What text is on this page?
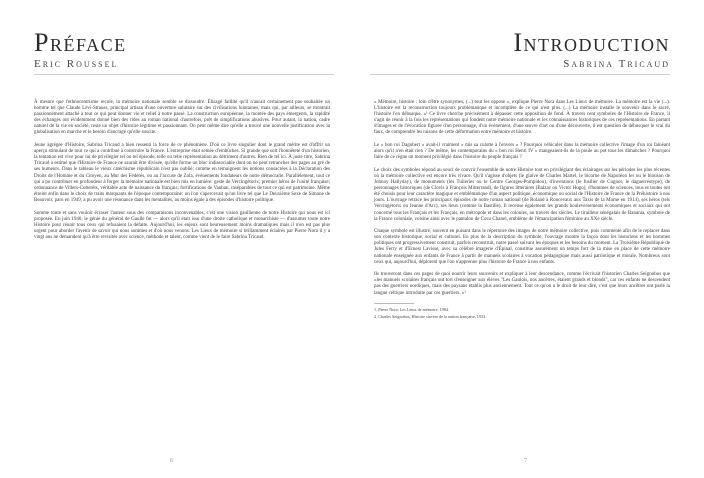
Préface
Eric Roussel

À mesure que l'ethnocentrisme recule, la mémoire nationale semble se dissoudre. Élisagé faillite qu'il n'aurait certainement pas souhaitée un homme tel que Claude Lévi-Strauss, principal artisan d'une ouverture salutaire sur des civilisations lointaines, mais qui, par ailleurs, se montrait passionnément attaché à tout ce qui peut donner vie et relief à notre passé. La construction européenne, la montée des pays émergents, la rapidité des échanges ont évidemment donné bien des rides au roman national d'autrefois, prêt de simplifications abusives. Pour autant, la nation, cadre naturel de la vie en société, reste un objet d'histoire légitime et passionnant. On peut même dire qu'elle a trouvé une nouvelle justification avec la globalisation en marche et le besoin d'ancrage qu'elle suscite.

Jeune agrégée d'Histoire, Sabrina Tricaud a bien ressenti la force de ce phénomène. D'où ce livre singulier dont le grand mérite est d'offrir un aperçu stimulant de tout ce qui a contribué à construire la France. L'entreprise était semée d'embûches. Si grande que soit l'honnêteté d'un historien, la tentation est vive pour lui de privilégier tel ou tel épisode, telle ou telle représentation au détriment d'autres. Rien de tel ici. À juste titre, Sabrina Tricaud a estimé que l'Histoire de France ne saurait être divisée, qu'elle forme un bloc indissociable dont on ne peut retrancher des pages au gré de ses humeurs. Dans le tableau le vieux catéchisme républicain n'est pas oublié; comme en témoignent les notions consacrées à la Déclaration des Droits de l'Homme et du Citoyen, au Mur des Fédérés, ou au J'accuse de Zola, événements fondateurs de notre démocratie. Parallèlement, tout ce qui a pu contribuer en profondeur à forger la mémoire nationale est bien mis en lumière: geste de Vercingétorix; premier héros de l'unité française; ordonnance de Villers-Cotterêts, véritable acte de naissance du français; fortifications de Vauban, inséparables de tout ce qui est patrimoine. Même étreint enfin dans le choix de traits marquants de l'époque contemporaine: on l'on s'apercevait qu'un livre tel que Le Deuxième Sexe de Simone de Beauvoir, paru en 1949, a pu avoir une résonance dans les mentalités, au moins égale à des épisodes d'histoire politique.

Somme toute et sans vouloir écraser l'auteur sous des comparaisons inconvenables, c'est une vision gaullienne de notre Histoire qui nous est ici proposée. En juin 1940, le génie du général de Gaulle fut — alors qu'il était issu d'une droite catholique et monarchiste — d'assumer toute notre Histoire pour réunir tous ceux qui refusaient la défaite. Aujourd'hui, les enjeux sont heureusement moins dramatiques mais il n'en est pas plus urgent pour aborder l'avenir de savoir qui nous sommes et d'où nous venons. Les Lieux de mémoire si brillamment éclairés par Pierre Nora il y a vingt ans ne demandent qu'à être revisités avec science, méthode et talent, comme vient de le faire Sabrina Tricaud.

6
Introduction
Sabrina Tricaud

« Mémoire, histoire : loin d'être synonymes, (...) tout les oppose », explique Pierre Nora dans Les Lieux de mémoire. La mémoire est la vie (...). L'histoire est la reconstruction toujours problématique et incomplète de ce qui n'est plus. (...) La mémoire installe le souvenir dans le sacré, l'histoire l'en débusque. »¹ Ce livre cherche précisément à dépasser cette opposition de fond. À travers cent symboles de l'Histoire de France, il s'agit de réunir à la fois les représentations qui fondent notre mémoire nationale et les connaissances historiques de ces représentations. En partant d'images et de l'évocation figurée d'un personnage, d'un événement, d'une œuvre d'art ou d'une découverte, il est question de débusquer le vrai du faux, de comprendre les raisons de cette déformation entre mémoire et histoire.

Le « bon roi Dagobert » avait-il vraiment « mis sa culotte à l'envers » ? Pourquoi véhiculer dans la mémoire collective l'image d'un roi fainéant alors qu'il n'en était rien ? De même, les contemporains du « bon roi Henri IV » mangeaient-ils de la poule au pot tous les dimanches ? Pourquoi faire de ce règne un moment privilégié dans l'histoire du peuple français ?

Le choix des symboles répond au souci de couvrir l'ensemble de notre Histoire tout en privilégiant des éclairages sur les périodes les plus récentes où la mémoire collective est encore très vivace. Qu'il s'agisse d'objets (le glaive de Charles Martel, le bicorne de Napoléon Ier ou le blouson de Johnny Hallyday), de monuments (les Tuileries ou le Centre Georges-Pompidou), d'inventions (le fusilier de Cugnot, le daguerréotype), de personnages historiques (de Clovis à François Mitterrand), de figures littéraires (Balzac ou Victor Hugo), d'hommes de sciences, tous et toutes ont été choisis pour leur caractère magique et emblématique d'un aspect politique, économique ou social de l'Histoire de France de la Préhistoire à nos jours. L'ouvrage retrace les principaux épisodes de notre roman national (de Roland à Roncevaux aux Taxis de la Marne en 1914), ses héros (tels Vercingétorix ou Jeanne d'Arc), ses lieux (comme la Bastille). Il recense également les grands bouleversements économiques et sociaux qui ont concerné tous les Français et les Français, en métropole et dans les colonies, au travers des siècles. Le tirailleur sénégalais de Banania, symbole de la France coloniale, voisine ainsi avec le pantalon de Coco Chanel, emblème de l'émancipation féminine au XXe siècle.

Chaque symbole est illustré, souvent en puisant dans le répertoire des images de notre mémoire collective, puis commenté afin de le replacer dans son contexte historique, social et culturel. En plus de la description du symbole, l'ouvrage montre la façon dont les historiens et les hommes politiques ont progressivement construit, parfois reconstruit, notre passé suivant les époques et les besoins du moment. La Troisième République de Jules Ferry et d'Ernest Lavisse, avec sa célèbre imagerie d'Épinal, constitue assurément un temps fort de la mise en place de cette mémoire nationale enseignée aux enfants de France à partir de manuels scolaires à vocation pédagogique mais aussi patriotique et morale. Nombreux sont ceux qui, aujourd'hui, déplorent que l'on n'apprenne plus l'histoire de France à nos enfants.

Ils trouveront dans ces pages de quoi nourrir leurs souvenirs et expliquer à leur descendance, comme l'écrivait l'historien Charles Seignobos que «les manuels scolaires français ont tort d'enseigner aux élèves "Les Gaulois, nos ancêtres, étaient grands et blonds", car ces enfants ne descendent pas des guerriers nordiques, mais des paysans établis plus anciennement. Tout ce qu'on a le droit de leur dire, c'est que leurs ancêtres ont parlé la langue celtique introduite par ces guerriers. »²

1. Pierre Nora, Les Lieux de mémoire, 1984.
2. Charles Seignobos, Histoire sincère de la nation française, 1933.
7
